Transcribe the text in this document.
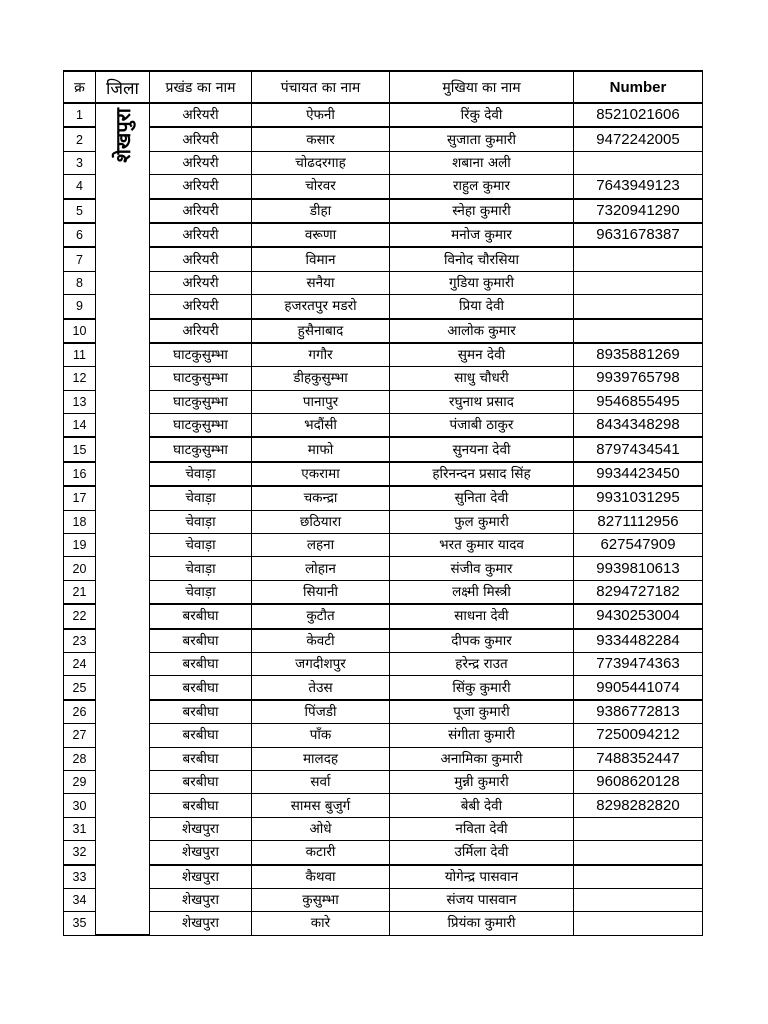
क्र	जिला	प्रखंड का नाम	पंचायत का नाम	मुखिया का नाम	Number
1	शेखपुरा	अरियरी	ऐफनी	रिंकु देवी	8521021606
2		अरियरी	कसार	सुजाता कुमारी	9472242005
3		अरियरी	चोढदरगाह	शबाना अली	
4		अरियरी	चोरवर	राहुल कुमार	7643949123
5		अरियरी	डीहा	स्नेहा कुमारी	7320941290
6		अरियरी	वरूणा	मनोज कुमार	9631678387
7		अरियरी	विमान	विनोद चौरसिया	
8		अरियरी	सनैया	गुडिया कुमारी	
9		अरियरी	हजरतपुर मडरो	प्रिया देवी	
10		अरियरी	हुसैनाबाद	आलोक कुमार	
11		घाटकुसुम्भा	गगौर	सुमन देवी	8935881269
12		घाटकुसुम्भा	डीहकुसुम्भा	साधु चौधरी	9939765798
13		घाटकुसुम्भा	पानापुर	रघुनाथ प्रसाद	9546855495
14		घाटकुसुम्भा	भदौंसी	पंजाबी ठाकुर	8434348298
15		घाटकुसुम्भा	माफो	सुनयना देवी	8797434541
16		चेवाड़ा	एकरामा	हरिनन्दन प्रसाद सिंह	9934423450
17		चेवाड़ा	चकन्द्रा	सुनिता देवी	9931031295
18		चेवाड़ा	छठियारा	फुल कुमारी	8271112956
19		चेवाड़ा	लहना	भरत कुमार यादव	627547909
20		चेवाड़ा	लोहान	संजीव कुमार	9939810613
21		चेवाड़ा	सियानी	लक्ष्मी मिस्त्री	8294727182
22		बरबीघा	कुटौत	साधना देवी	9430253004
23		बरबीघा	केवटी	दीपक कुमार	9334482284
24		बरबीघा	जगदीशपुर	हरेन्द्र राउत	7739474363
25		बरबीघा	तेउस	सिंकु कुमारी	9905441074
26		बरबीघा	पिंजडी	पूजा कुमारी	9386772813
27		बरबीघा	पाँक	संगीता कुमारी	7250094212
28		बरबीघा	मालदह	अनामिका कुमारी	7488352447
29		बरबीघा	सर्वा	मुन्नी कुमारी	9608620128
30		बरबीघा	सामस बुजुर्ग	बेबी देवी	8298282820
31		शेखपुरा	ओधे	नविता देवी	
32		शेखपुरा	कटारी	उर्मिला देवी	
33		शेखपुरा	कैथवा	योगेन्द्र पासवान	
34		शेखपुरा	कुसुम्भा	संजय पासवान	
35		शेखपुरा	कारे	प्रियंका कुमारी	
